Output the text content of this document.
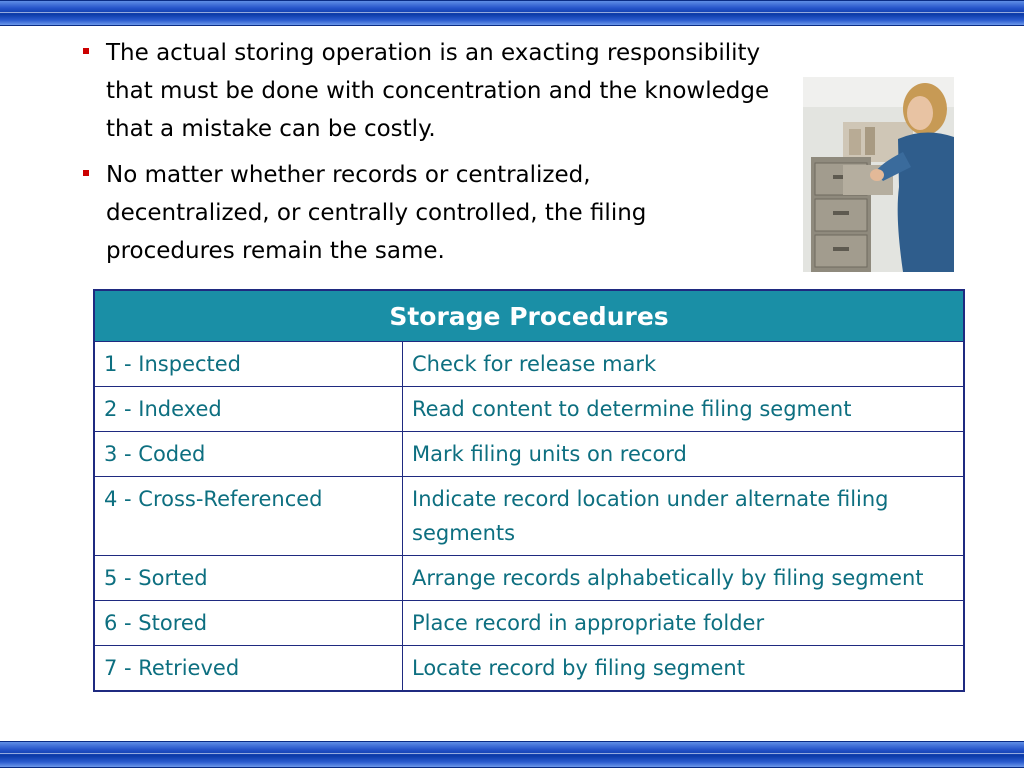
The actual storing operation is an exacting responsibility that must be done with concentration and the knowledge that a mistake can be costly.
No matter whether records or centralized, decentralized, or centrally controlled, the filing procedures remain the same.
Storage Procedures	
1 - Inspected	Check for release mark
2 - Indexed	Read content to determine filing segment
3 - Coded	Mark filing units on record
4 - Cross-Referenced	Indicate record location under alternate filing segments
5 - Sorted	Arrange records alphabetically by filing segment
6 - Stored	Place record in appropriate folder
7 - Retrieved	Locate record by filing segment
